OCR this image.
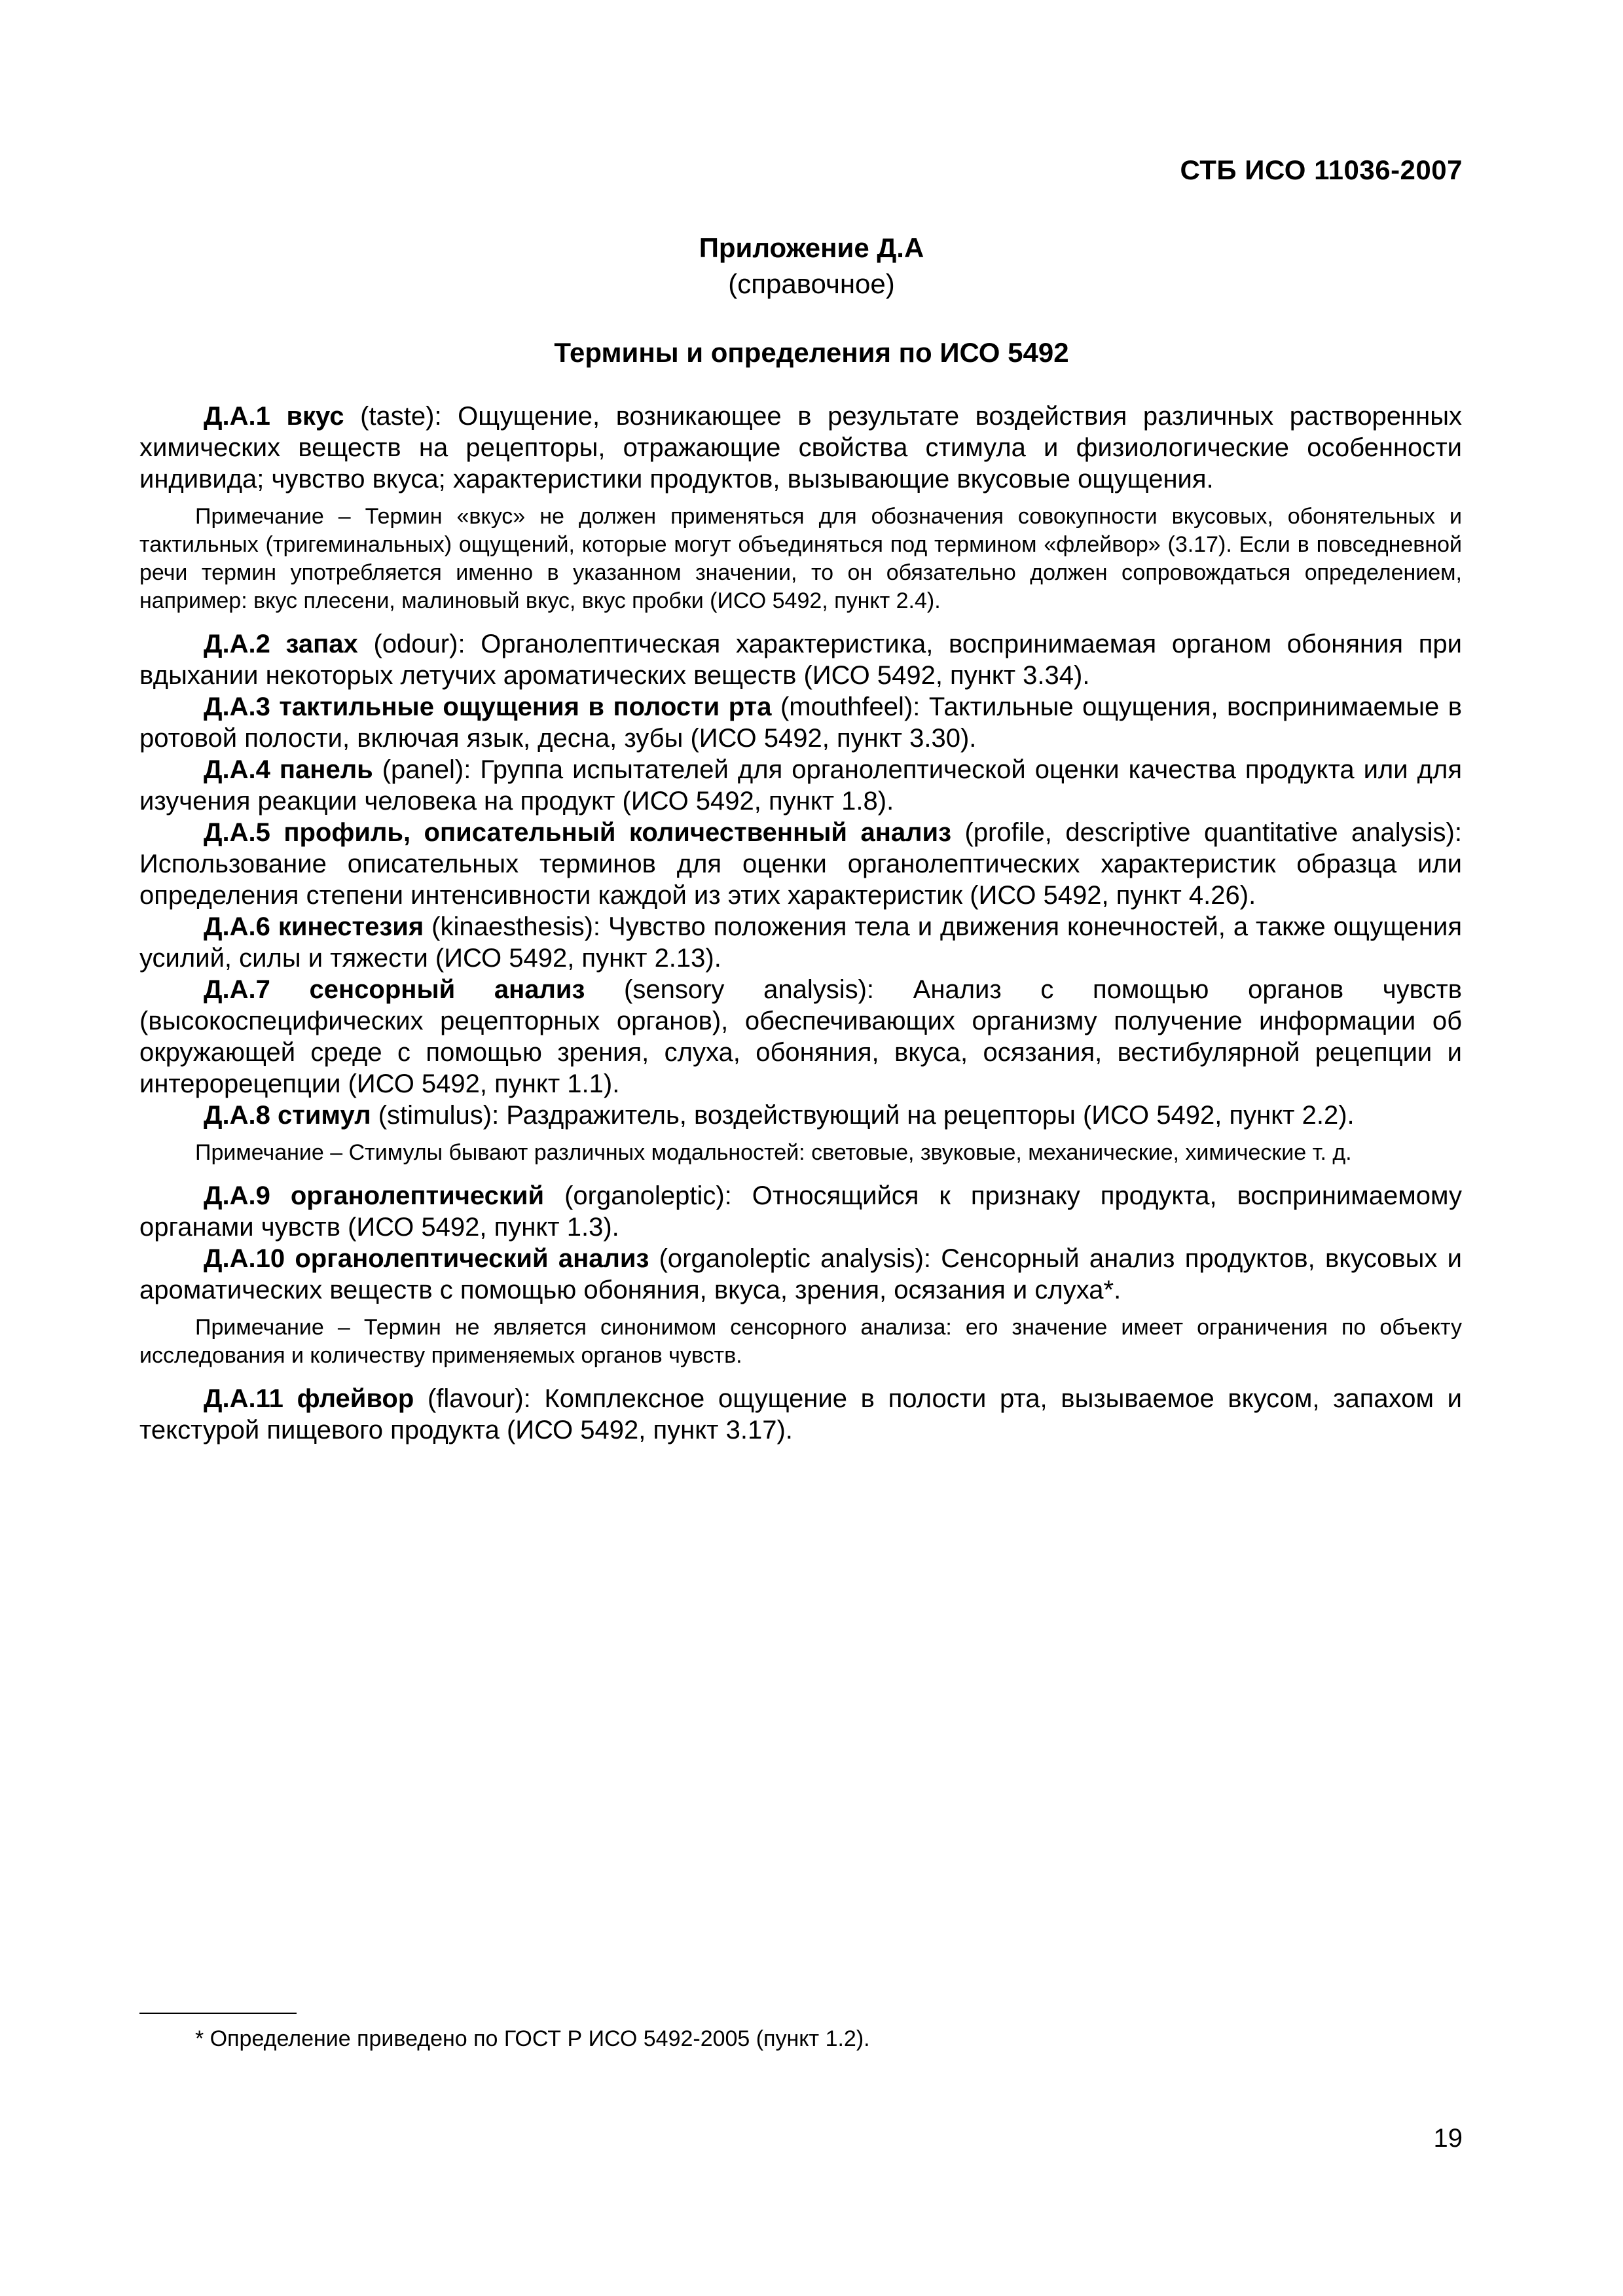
СТБ ИСО 11036-2007
Приложение Д.А
(справочное)
Термины и определения по ИСО 5492

Д.А.1 вкус (taste): Ощущение, возникающее в результате воздействия различных растворенных химических веществ на рецепторы, отражающие свойства стимула и физиологические особенности индивида; чувство вкуса; характеристики продуктов, вызывающие вкусовые ощущения.

Примечание – Термин «вкус» не должен применяться для обозначения совокупности вкусовых, обонятельных и тактильных (тригеминальных) ощущений, которые могут объединяться под термином «флейвор» (3.17). Если в повседневной речи термин употребляется именно в указанном значении, то он обязательно должен сопровождаться определением, например: вкус плесени, малиновый вкус, вкус пробки (ИСО 5492, пункт 2.4).

Д.А.2 запах (odour): Органолептическая характеристика, воспринимаемая органом обоняния при вдыхании некоторых летучих ароматических веществ (ИСО 5492, пункт 3.34).

Д.А.3 тактильные ощущения в полости рта (mouthfeel): Тактильные ощущения, воспринимаемые в ротовой полости, включая язык, десна, зубы (ИСО 5492, пункт 3.30).

Д.А.4 панель (panel): Группа испытателей для органолептической оценки качества продукта или для изучения реакции человека на продукт (ИСО 5492, пункт 1.8).

Д.А.5 профиль, описательный количественный анализ (profile, descriptive quantitative analysis): Использование описательных терминов для оценки органолептических характеристик образца или определения степени интенсивности каждой из этих характеристик (ИСО 5492, пункт 4.26).

Д.А.6 кинестезия (kinaesthesis): Чувство положения тела и движения конечностей, а также ощущения усилий, силы и тяжести (ИСО 5492, пункт 2.13).

Д.А.7 сенсорный анализ (sensory analysis): Анализ с помощью органов чувств (высокоспецифических рецепторных органов), обеспечивающих организму получение информации об окружающей среде с помощью зрения, слуха, обоняния, вкуса, осязания, вестибулярной рецепции и интерорецепции (ИСО 5492, пункт 1.1).

Д.А.8 стимул (stimulus): Раздражитель, воздействующий на рецепторы (ИСО 5492, пункт 2.2).

Примечание – Стимулы бывают различных модальностей: световые, звуковые, механические, химические т. д.

Д.А.9 органолептический (organoleptic): Относящийся к признаку продукта, воспринимаемому органами чувств (ИСО 5492, пункт 1.3).

Д.А.10 органолептический анализ (organoleptic analysis): Сенсорный анализ продуктов, вкусовых и ароматических веществ с помощью обоняния, вкуса, зрения, осязания и слуха*.

Примечание – Термин не является синонимом сенсорного анализа: его значение имеет ограничения по объекту исследования и количеству применяемых органов чувств.

Д.А.11 флейвор (flavour): Комплексное ощущение в полости рта, вызываемое вкусом, запахом и текстурой пищевого продукта (ИСО 5492, пункт 3.17).

* Определение приведено по ГОСТ Р ИСО 5492-2005 (пункт 1.2).
19
